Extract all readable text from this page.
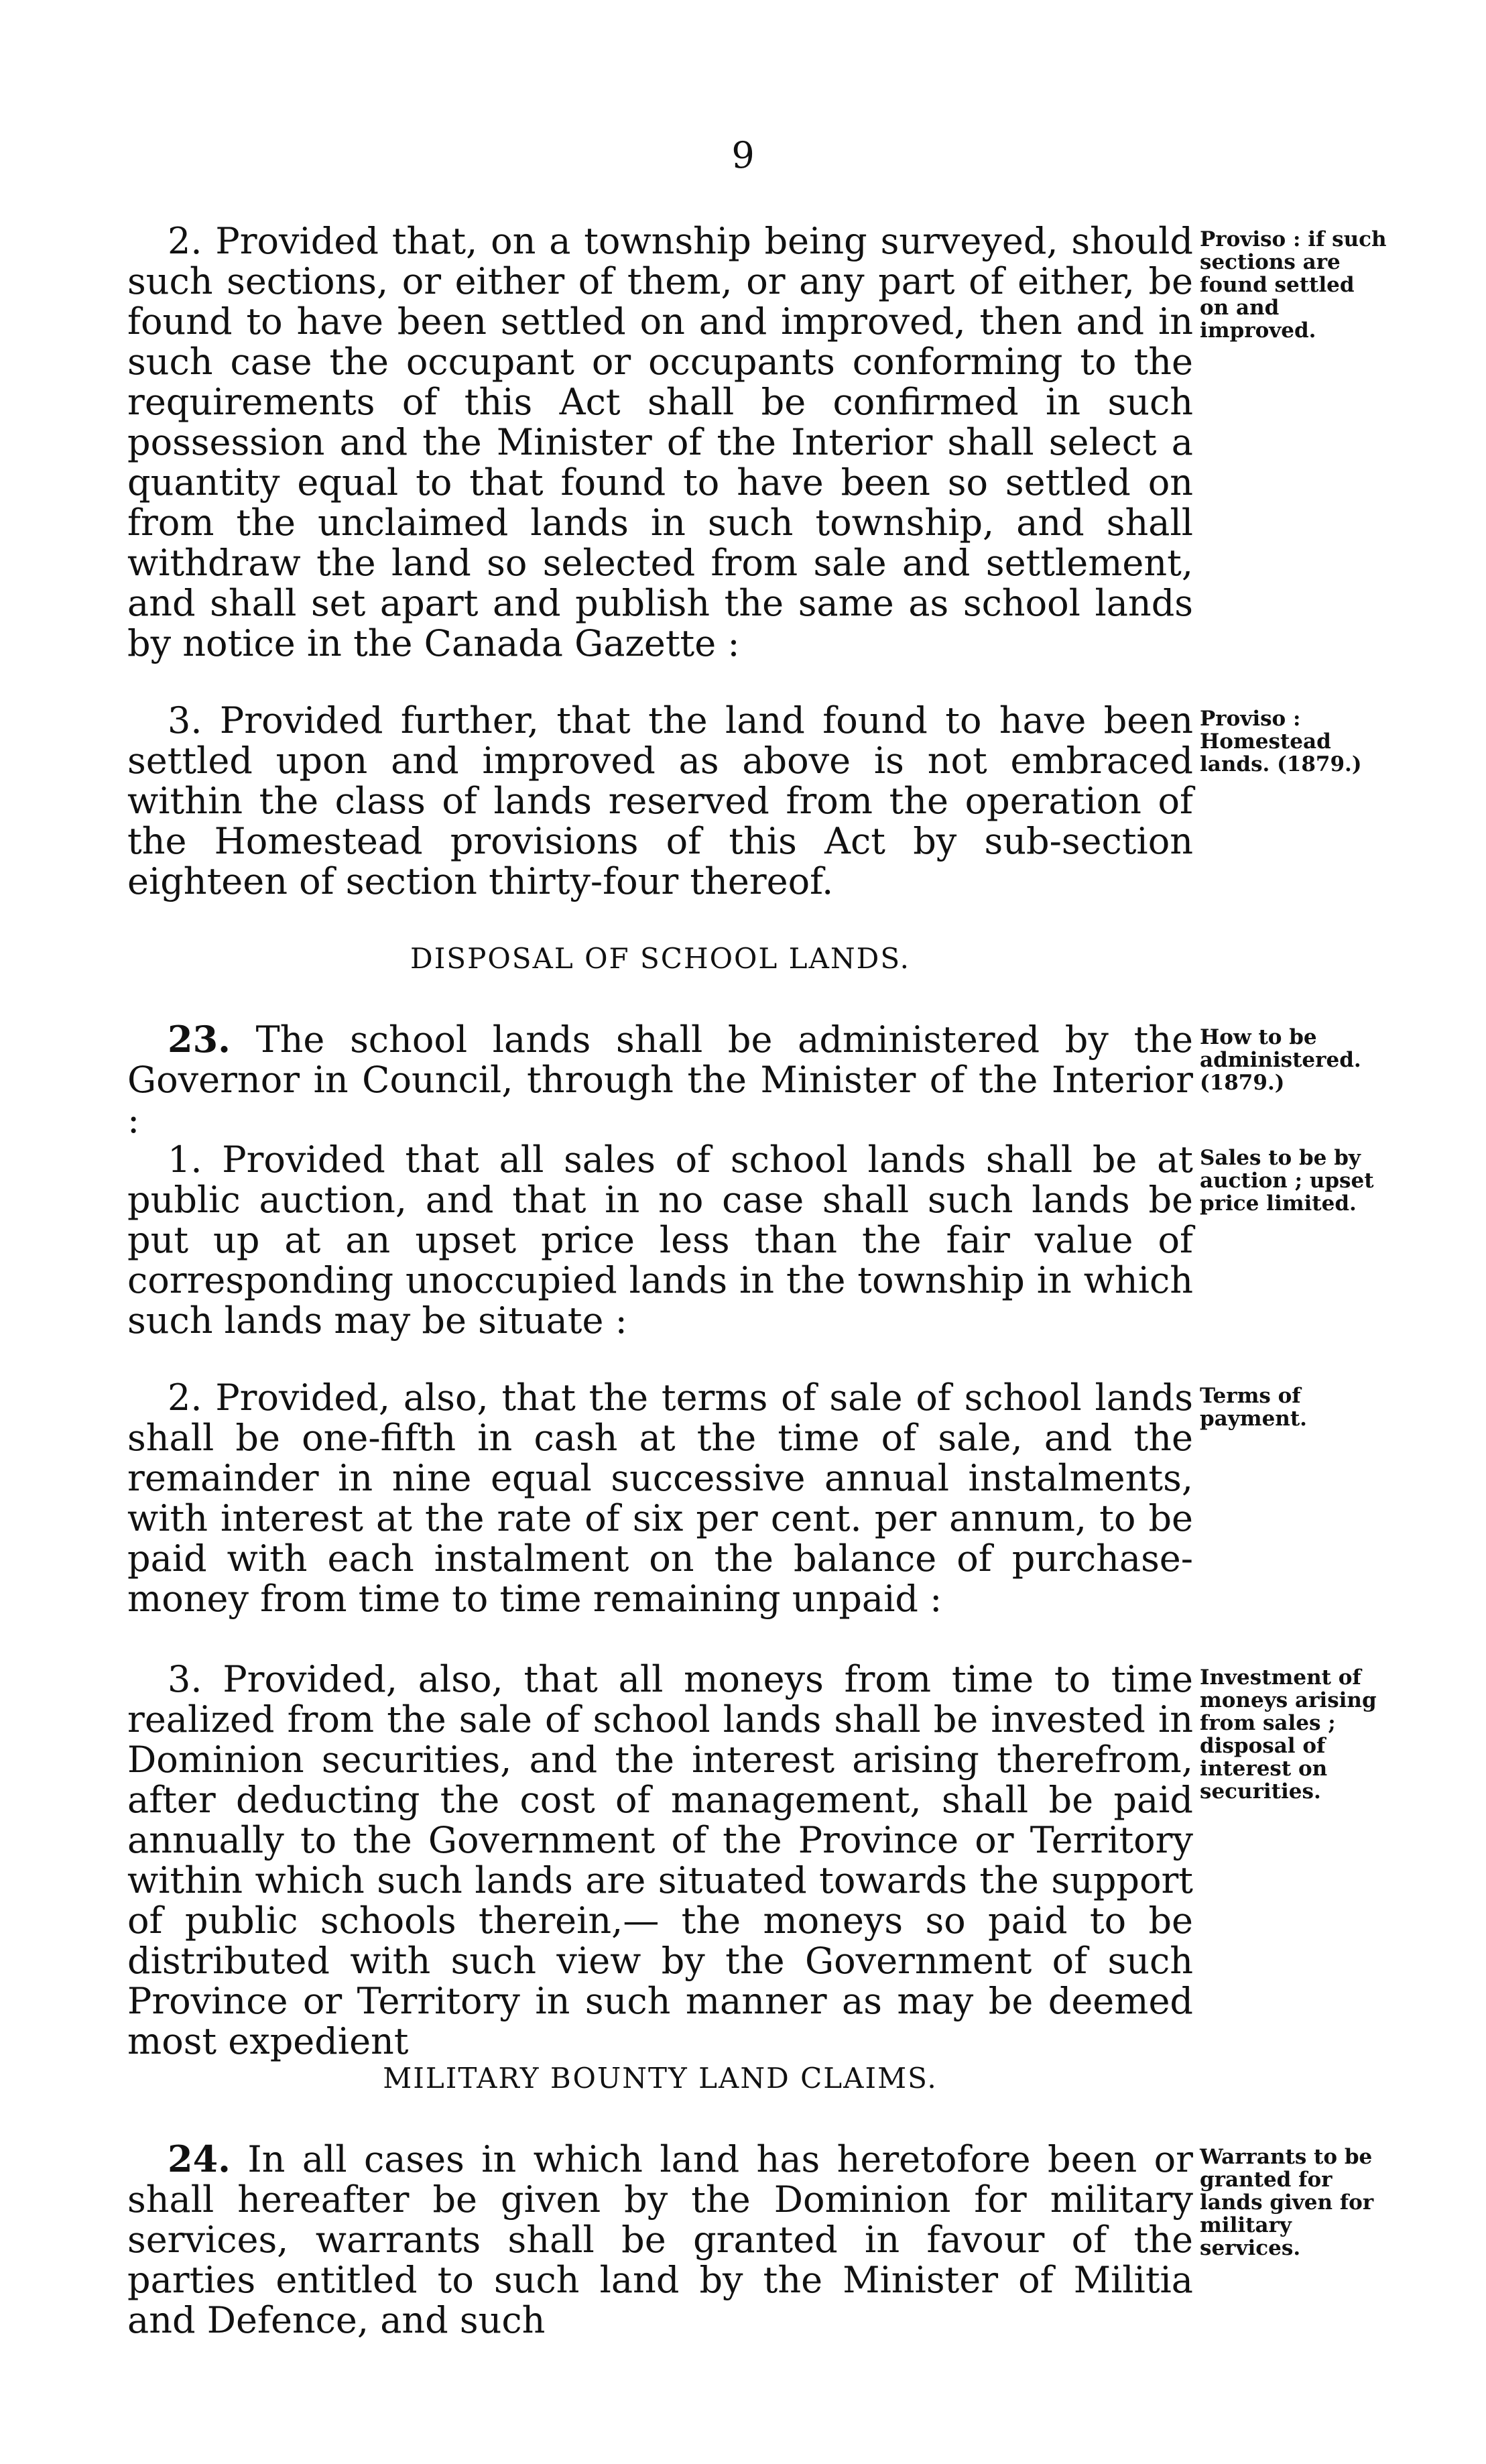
9

2. Provided that, on a township being surveyed, should such sections, or either of them, or any part of either, be found to have been settled on and improved, then and in such case the occupant or occupants conforming to the requirements of this Act shall be confirmed in such possession and the Minister of the Interior shall select a quantity equal to that found to have been so settled on from the unclaimed lands in such township, and shall withdraw the land so selected from sale and settlement, and shall set apart and publish the same as school lands by notice in the Canada Gazette :

Proviso : if such sections are found settled on and improved.

3. Provided further, that the land found to have been settled upon and improved as above is not embraced within the class of lands reserved from the operation of the Homestead provisions of this Act by sub-section eighteen of section thirty-four thereof.

Proviso : Homestead lands. (1879.)
DISPOSAL OF SCHOOL LANDS.

23. The school lands shall be administered by the Governor in Council, through the Minister of the Interior :

How to be administered. (1879.)

1. Provided that all sales of school lands shall be at public auction, and that in no case shall such lands be put up at an upset price less than the fair value of corresponding unoccupied lands in the township in which such lands may be situate :

Sales to be by auction ; upset price limited.

2. Provided, also, that the terms of sale of school lands shall be one-fifth in cash at the time of sale, and the remainder in nine equal successive annual instalments, with interest at the rate of six per cent. per annum, to be paid with each instalment on the balance of purchase-money from time to time remaining unpaid :

Terms of payment.

3. Provided, also, that all moneys from time to time realized from the sale of school lands shall be invested in Dominion securities, and the interest arising therefrom, after deducting the cost of management, shall be paid annually to the Government of the Province or Territory within which such lands are situated towards the support of public schools therein,— the moneys so paid to be distributed with such view by the Government of such Province or Territory in such manner as may be deemed most expedient

Investment of moneys arising from sales ; disposal of interest on securities.
MILITARY BOUNTY LAND CLAIMS.

24. In all cases in which land has heretofore been or shall hereafter be given by the Dominion for military services, warrants shall be granted in favour of the parties entitled to such land by the Minister of Militia and Defence, and such

Warrants to be granted for lands given for military services.
